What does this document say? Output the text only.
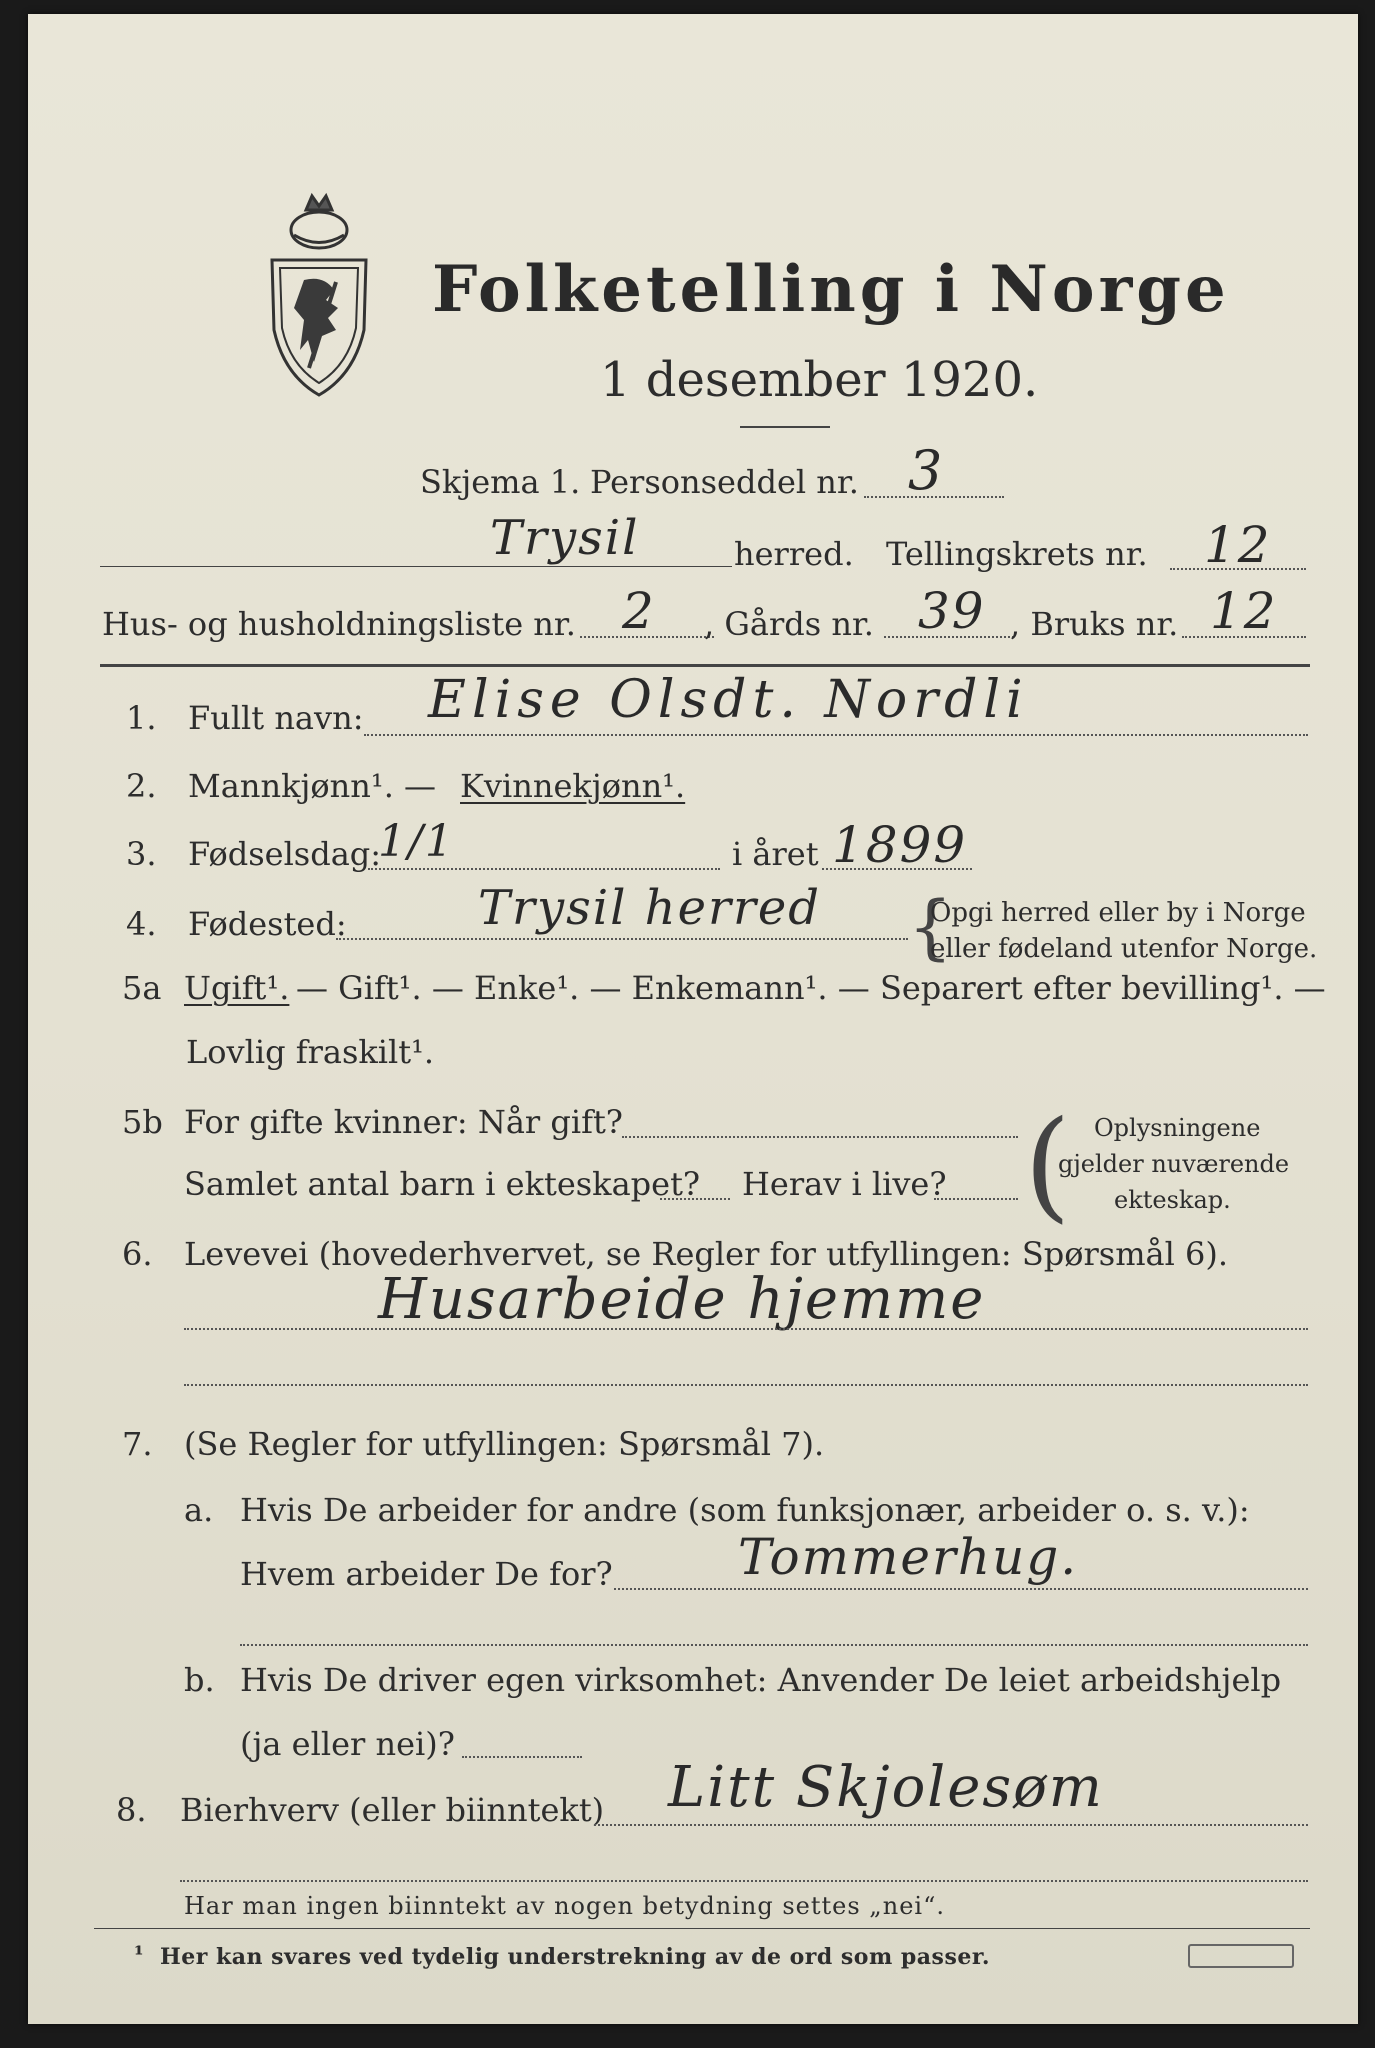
Folketelling i Norge
1 desember 1920.
Skjema 1. Personseddel nr. 3
Trysil	herred. Tellingskrets nr. 12
Hus- og husholdningsliste nr. 2 , Gårds nr. 39 , Bruks nr. 12
1. Fullt navn: Elise Olsdt. Nordli
2. Mannkjønn¹. — Kvinnekjønn¹.
3. Fødselsdag:
1/1	i året 1899
4. Fødested:	Trysil herred {
Opgi herred eller by i Norge
eller fødeland utenfor Norge.
5a Ugift¹. — Gift¹. — Enke¹. — Enkemann¹. — Separert efter bevilling¹. —
Lovlig fraskilt¹.
5b For gifte kvinner: Når gift?
Samlet antal barn i ekteskapet? Herav i live? ( Oplysningene
gjelder nuværende
ekteskap.
6. Levevei (hovederhvervet, se Regler for utfyllingen: Spørsmål 6).
Husarbeide hjemme
7. (Se Regler for utfyllingen: Spørsmål 7).
a. Hvis De arbeider for andre (som funksjonær, arbeider o. s. v.):
Hvem arbeider De for?	Tommerhug.
b. Hvis De driver egen virksomhet: Anvender De leiet arbeidshjelp
(ja eller nei)?
8. Bierhverv (eller biinntekt) Litt Skjolesøm
Har man ingen biinntekt av nogen betydning settes „nei“.
¹ Her kan svares ved tydelig understrekning av de ord som passer.
